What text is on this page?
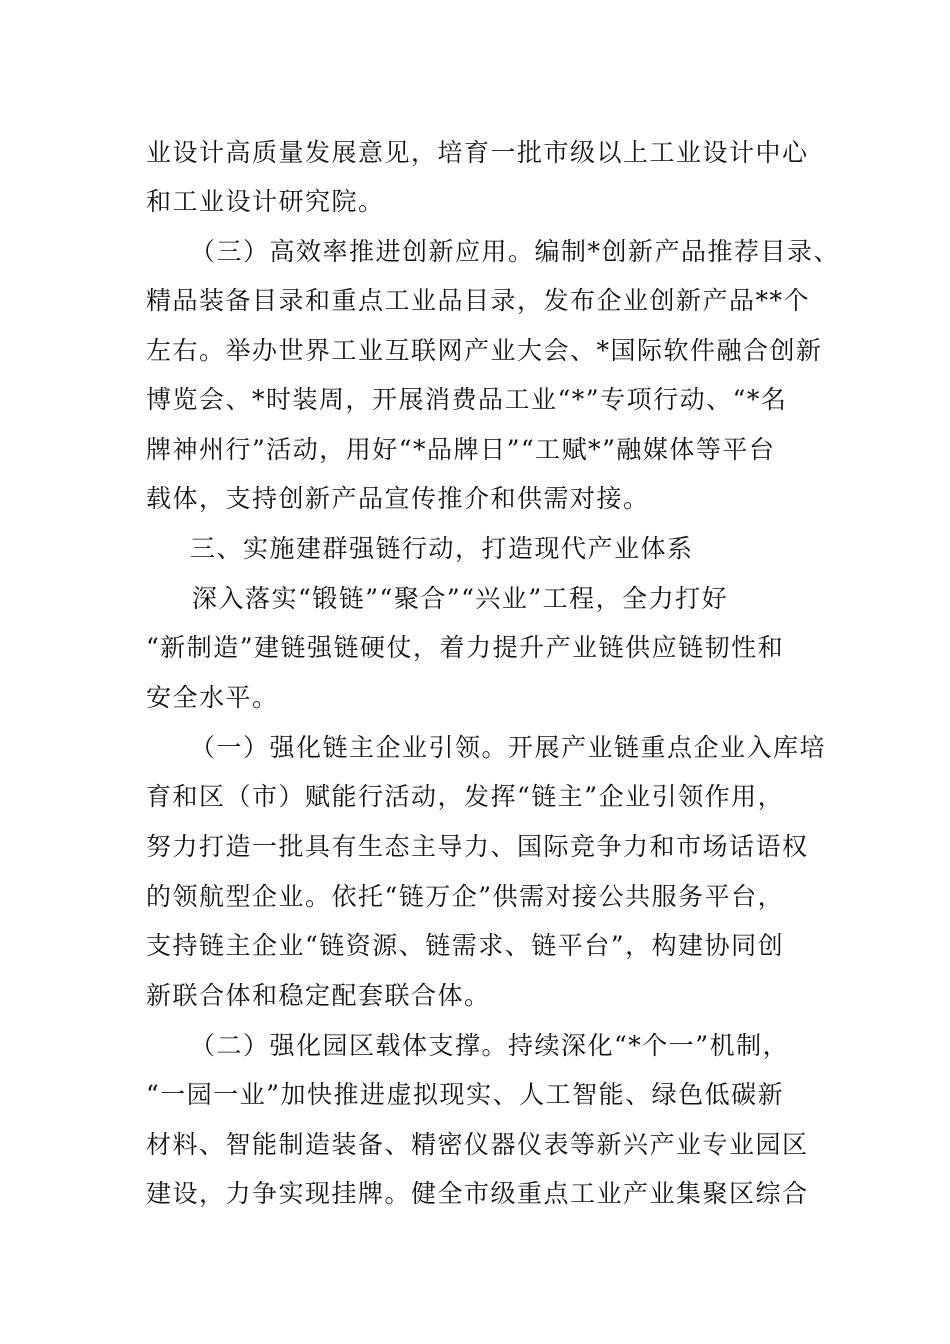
业设计高质量发展意见，培育一批市级以上工业设计中心
和工业设计研究院。
（三）高效率推进创新应用。编制*创新产品推荐目录、
精品装备目录和重点工业品目录，发布企业创新产品**个
左右。举办世界工业互联网产业大会、*国际软件融合创新
博览会、*时装周，开展消费品工业“*”专项行动、“*名
牌神州行”活动，用好“*品牌日”“工赋*”融媒体等平台
载体，支持创新产品宣传推介和供需对接。
三、实施建群强链行动，打造现代产业体系
深入落实“锻链”“聚合”“兴业”工程，全力打好
“新制造”建链强链硬仗，着力提升产业链供应链韧性和
安全水平。
（一）强化链主企业引领。开展产业链重点企业入库培
育和区（市）赋能行活动，发挥“链主”企业引领作用，
努力打造一批具有生态主导力、国际竞争力和市场话语权
的领航型企业。依托“链万企”供需对接公共服务平台，
支持链主企业“链资源、链需求、链平台”，构建协同创
新联合体和稳定配套联合体。
（二）强化园区载体支撑。持续深化“*个一”机制，
“一园一业”加快推进虚拟现实、人工智能、绿色低碳新
材料、智能制造装备、精密仪器仪表等新兴产业专业园区
建设，力争实现挂牌。健全市级重点工业产业集聚区综合
